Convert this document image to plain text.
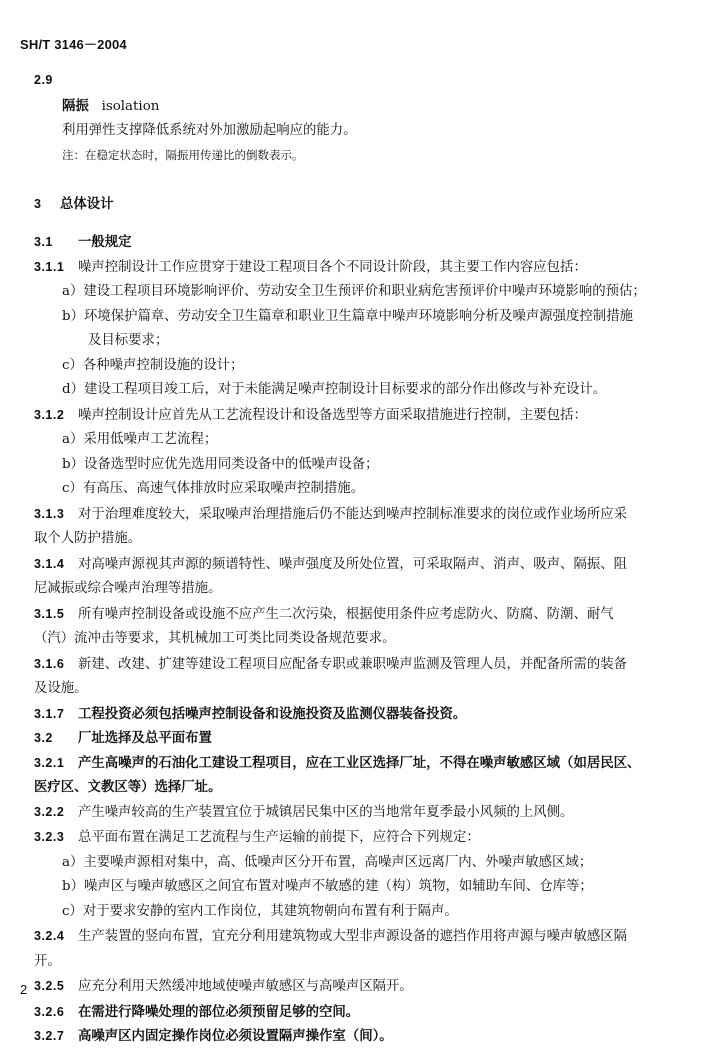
SH/T 3146－2004
2.9
隔振 isolation
利用弹性支撑降低系统对外加激励起响应的能力。
注：在稳定状态时，隔振用传递比的倒数表示。
3 总体设计
3.1 一般规定
3.1.1 噪声控制设计工作应贯穿于建设工程项目各个不同设计阶段，其主要工作内容应包括：
a）建设工程项目环境影响评价、劳动安全卫生预评价和职业病危害预评价中噪声环境影响的预估；
b）环境保护篇章、劳动安全卫生篇章和职业卫生篇章中噪声环境影响分析及噪声源强度控制措施
及目标要求；
c）各种噪声控制设施的设计；
d）建设工程项目竣工后，对于未能满足噪声控制设计目标要求的部分作出修改与补充设计。
3.1.2 噪声控制设计应首先从工艺流程设计和设备选型等方面采取措施进行控制，主要包括：
a）采用低噪声工艺流程；
b）设备选型时应优先选用同类设备中的低噪声设备；
c）有高压、高速气体排放时应采取噪声控制措施。
3.1.3 对于治理难度较大，采取噪声治理措施后仍不能达到噪声控制标准要求的岗位或作业场所应采
取个人防护措施。
3.1.4 对高噪声源视其声源的频谱特性、噪声强度及所处位置，可采取隔声、消声、吸声、隔振、阻
尼减振或综合噪声治理等措施。
3.1.5 所有噪声控制设备或设施不应产生二次污染，根据使用条件应考虑防火、防腐、防潮、耐气
（汽）流冲击等要求，其机械加工可类比同类设备规范要求。
3.1.6 新建、改建、扩建等建设工程项目应配备专职或兼职噪声监测及管理人员，并配备所需的装备
及设施。
3.1.7 工程投资必须包括噪声控制设备和设施投资及监测仪器装备投资。
3.2 厂址选择及总平面布置
3.2.1 产生高噪声的石油化工建设工程项目，应在工业区选择厂址，不得在噪声敏感区域（如居民区、
医疗区、文教区等）选择厂址。
3.2.2 产生噪声较高的生产装置宜位于城镇居民集中区的当地常年夏季最小风频的上风侧。
3.2.3 总平面布置在满足工艺流程与生产运输的前提下，应符合下列规定：
a）主要噪声源相对集中，高、低噪声区分开布置，高噪声区远离厂内、外噪声敏感区域；
b）噪声区与噪声敏感区之间宜布置对噪声不敏感的建（构）筑物，如辅助车间、仓库等；
c）对于要求安静的室内工作岗位，其建筑物朝向布置有利于隔声。
3.2.4 生产装置的竖向布置，宜充分利用建筑物或大型非声源设备的遮挡作用将声源与噪声敏感区隔
开。
3.2.5 应充分利用天然缓冲地域使噪声敏感区与高噪声区隔开。
3.2.6 在需进行降噪处理的部位必须预留足够的空间。
3.2.7 高噪声区内固定操作岗位必须设置隔声操作室（间）。
2
